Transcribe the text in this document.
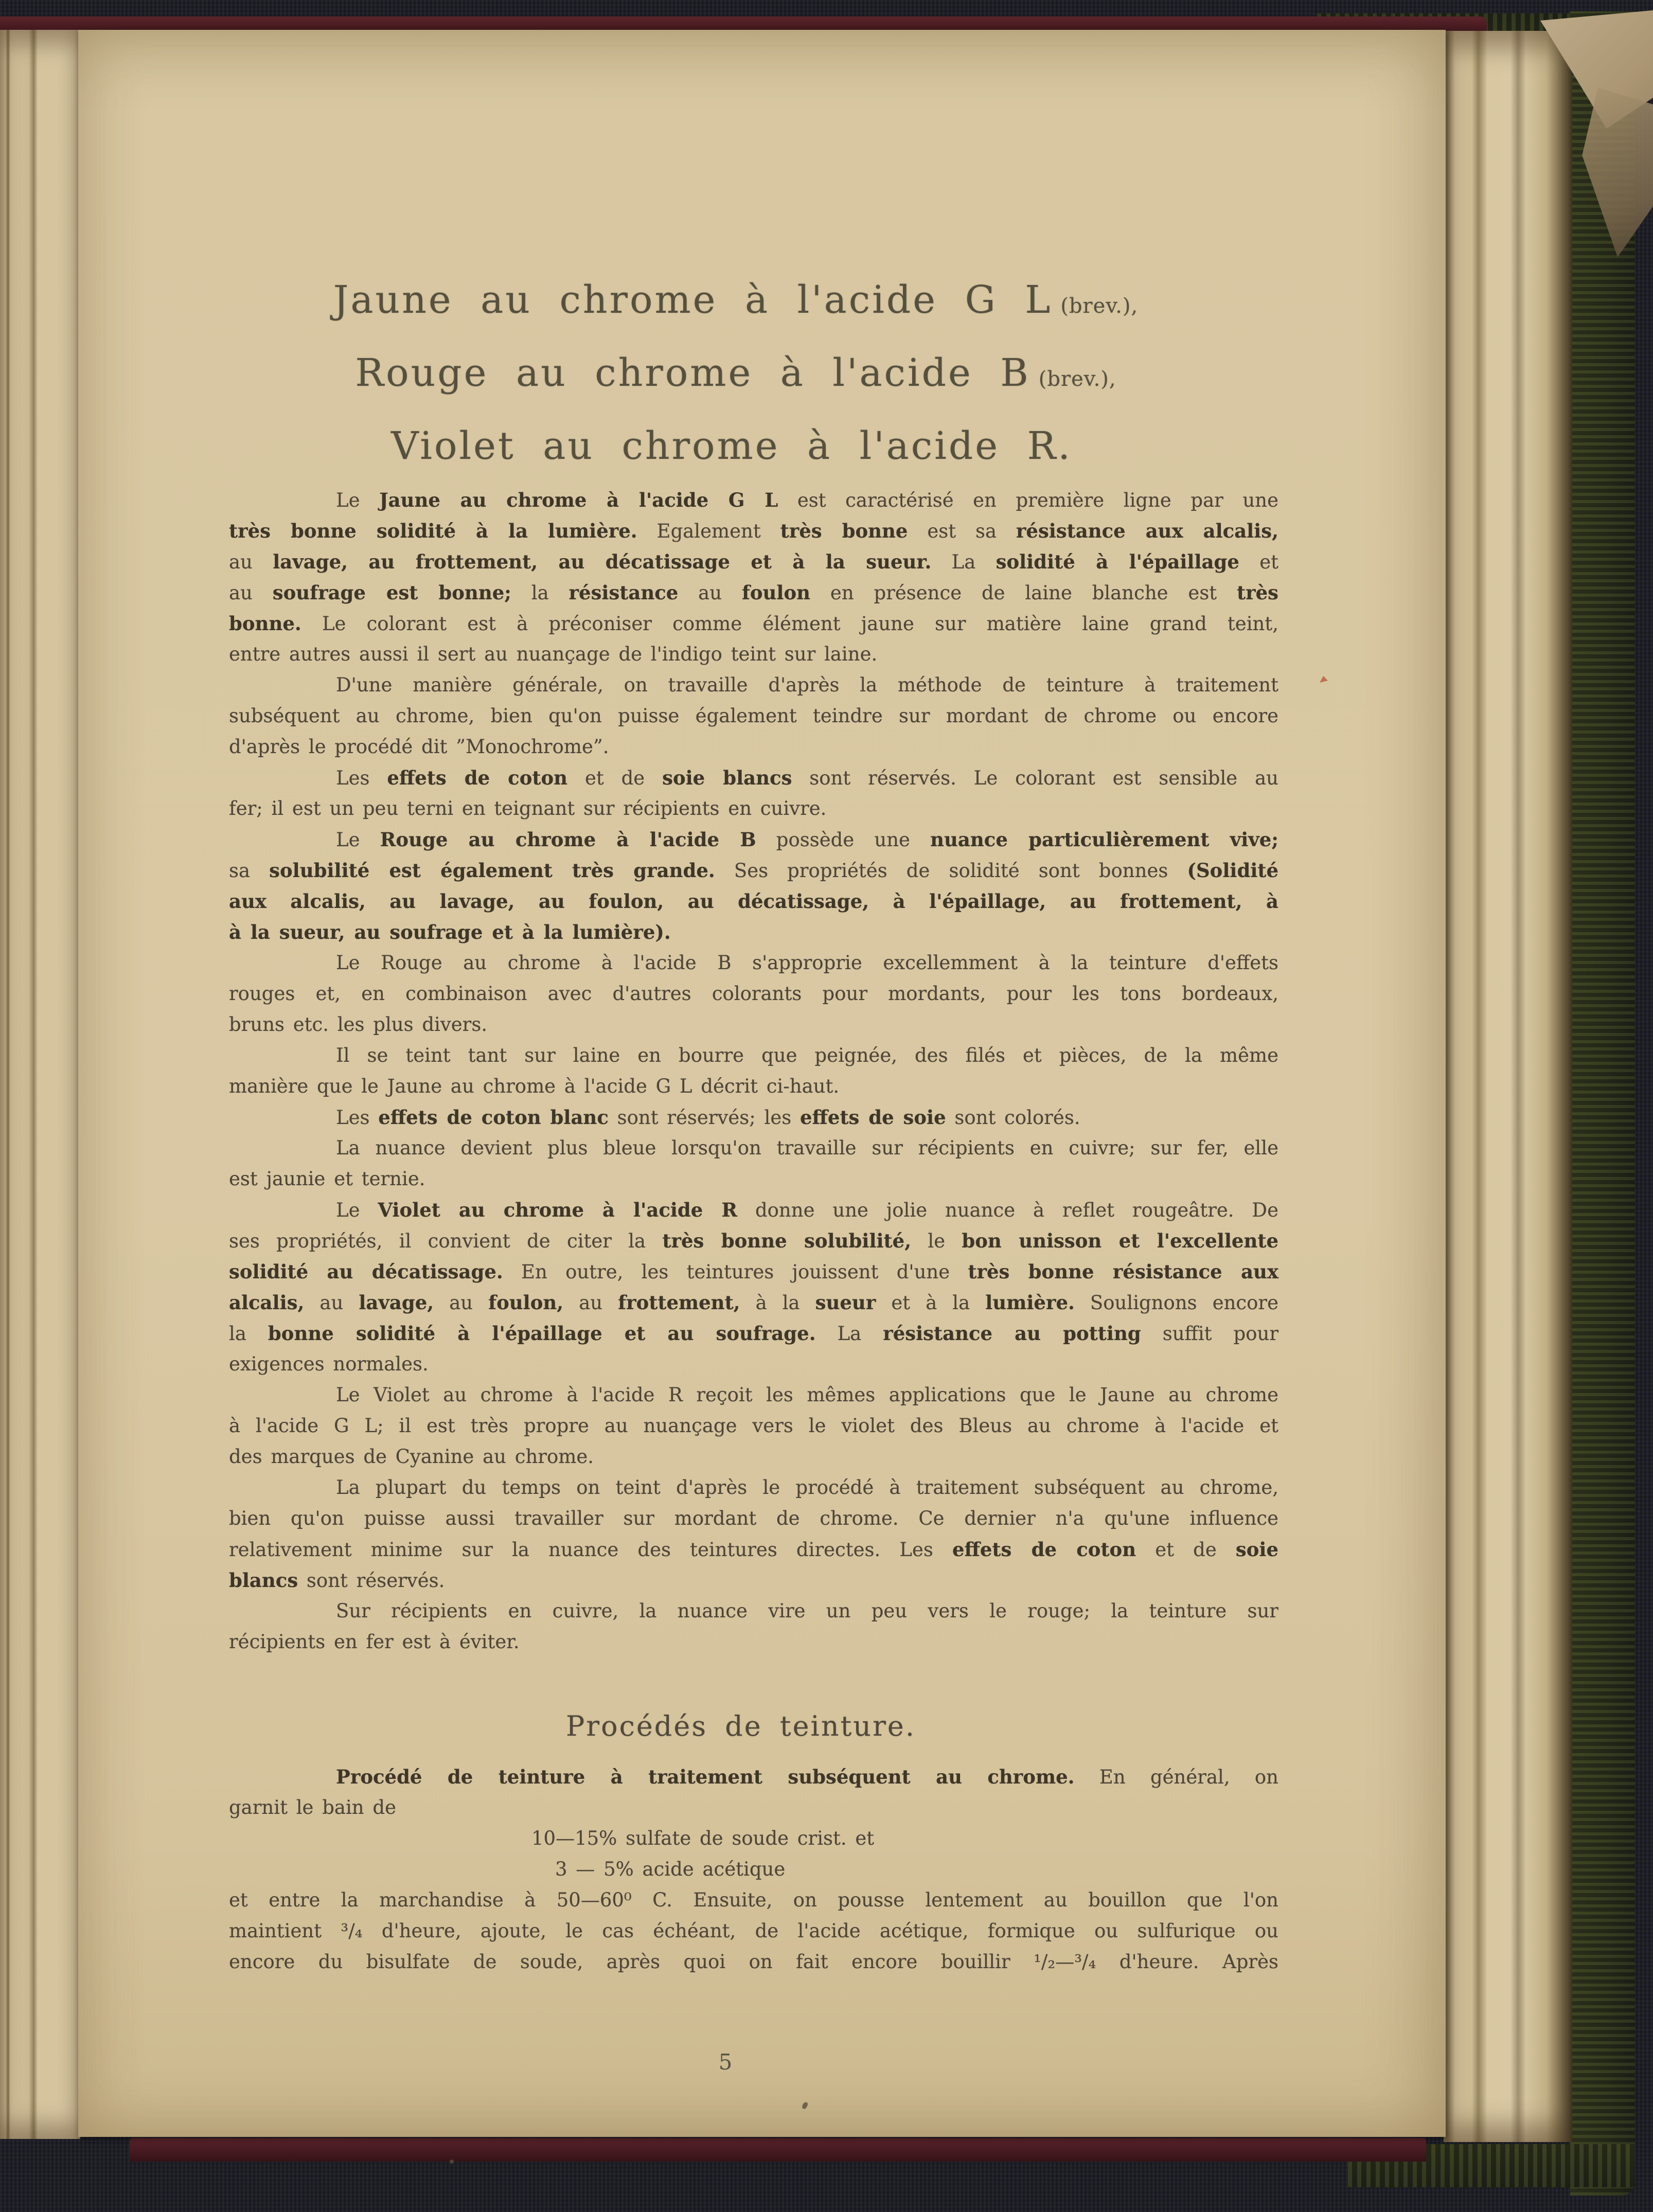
Jaune au chrome à l'acide G L (brev.),
Rouge au chrome à l'acide B (brev.),
Violet au chrome à l'acide R.
Le Jaune au chrome à l'acide G L est caractérisé en première ligne par une
très bonne solidité à la lumière. Egalement très bonne est sa résistance aux alcalis,
au lavage, au frottement, au décatissage et à la sueur. La solidité à l'épaillage et
au soufrage est bonne; la résistance au foulon en présence de laine blanche est très
bonne. Le colorant est à préconiser comme élément jaune sur matière laine grand teint,
entre autres aussi il sert au nuançage de l'indigo teint sur laine.
D'une manière générale, on travaille d'après la méthode de teinture à traitement
subséquent au chrome, bien qu'on puisse également teindre sur mordant de chrome ou encore
d'après le procédé dit ”Monochrome”.
Les effets de coton et de soie blancs sont réservés. Le colorant est sensible au
fer; il est un peu terni en teignant sur récipients en cuivre.
Le Rouge au chrome à l'acide B possède une nuance particulièrement vive;
sa solubilité est également très grande. Ses propriétés de solidité sont bonnes (Solidité
aux alcalis, au lavage, au foulon, au décatissage, à l'épaillage, au frottement, à
à la sueur, au soufrage et à la lumière).
Le Rouge au chrome à l'acide B s'approprie excellemment à la teinture d'effets
rouges et, en combinaison avec d'autres colorants pour mordants, pour les tons bordeaux,
bruns etc. les plus divers.
Il se teint tant sur laine en bourre que peignée, des filés et pièces, de la même
manière que le Jaune au chrome à l'acide G L décrit ci-haut.
Les effets de coton blanc sont réservés; les effets de soie sont colorés.
La nuance devient plus bleue lorsqu'on travaille sur récipients en cuivre; sur fer, elle
est jaunie et ternie.
Le Violet au chrome à l'acide R donne une jolie nuance à reflet rougeâtre. De
ses propriétés, il convient de citer la très bonne solubilité, le bon unisson et l'excellente
solidité au décatissage. En outre, les teintures jouissent d'une très bonne résistance aux
alcalis, au lavage, au foulon, au frottement, à la sueur et à la lumière. Soulignons encore
la bonne solidité à l'épaillage et au soufrage. La résistance au potting suffit pour
exigences normales.
Le Violet au chrome à l'acide R reçoit les mêmes applications que le Jaune au chrome
à l'acide G L; il est très propre au nuançage vers le violet des Bleus au chrome à l'acide et
des marques de Cyanine au chrome.
La plupart du temps on teint d'après le procédé à traitement subséquent au chrome,
bien qu'on puisse aussi travailler sur mordant de chrome. Ce dernier n'a qu'une influence
relativement minime sur la nuance des teintures directes. Les effets de coton et de soie
blancs sont réservés.
Sur récipients en cuivre, la nuance vire un peu vers le rouge; la teinture sur
récipients en fer est à éviter.
Procédés de teinture.
Procédé de teinture à traitement subséquent au chrome. En général, on
garnit le bain de
10—15% sulfate de soude crist. et
3 — 5% acide acétique
et entre la marchandise à 50—60⁰ C. Ensuite, on pousse lentement au bouillon que l'on
maintient ³/₄ d'heure, ajoute, le cas échéant, de l'acide acétique, formique ou sulfurique ou
encore du bisulfate de soude, après quoi on fait encore bouillir ¹/₂—³/₄ d'heure. Après
5
